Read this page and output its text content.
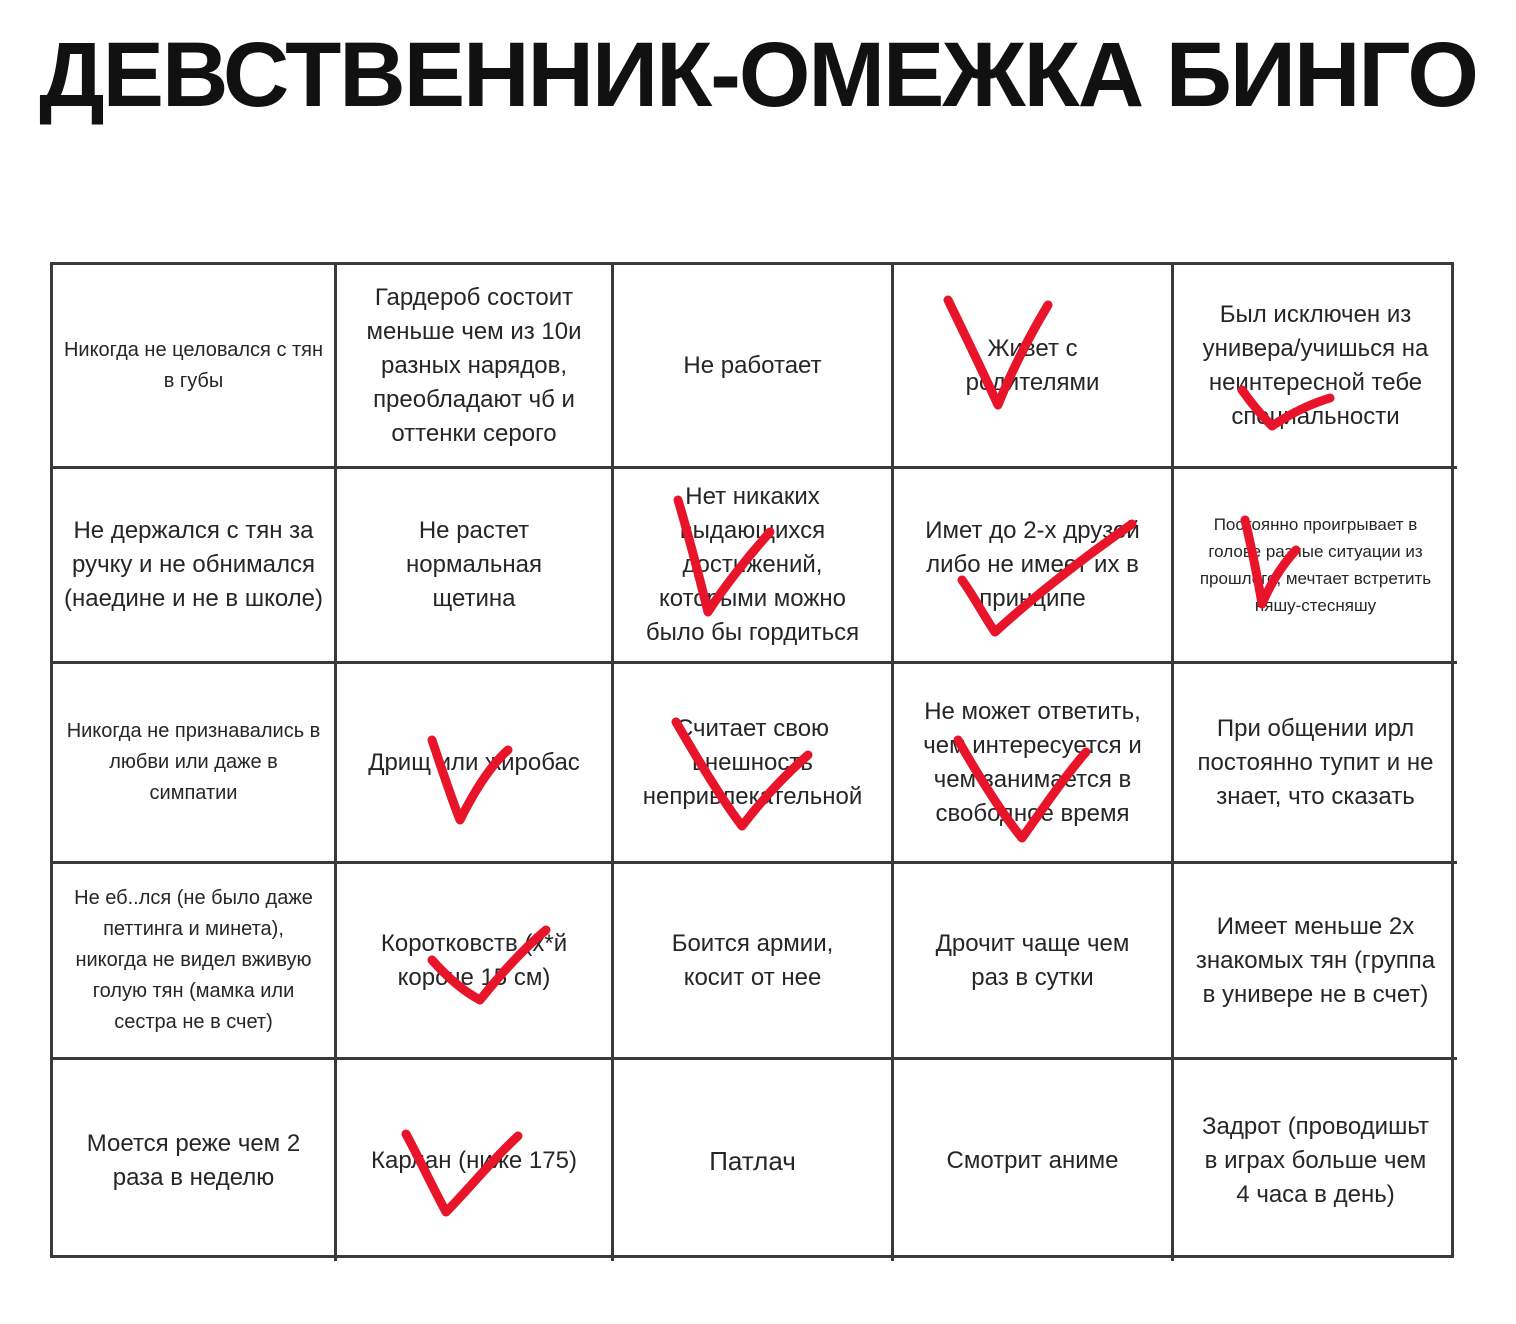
ДЕВСТВЕННИК-ОМЕЖКА БИНГО
Никогда не целовался с тян в губы
Гардероб состоит меньше чем из 10и разных нарядов, преобладают чб и оттенки серого
Не работает
Живет с родителями
Был исключен из универа/учишься на неинтересной тебе специальности
Не держался с тян за ручку и не обнимался (наедине и не в школе)
Не растет нормальная щетина
Нет никаких выдающихся достижений, которыми можно было бы гордиться
Имет до 2-х друзей либо не имеет их в принципе
Постоянно проигрывает в голове разные ситуации из прошлого, мечтает встретить няшу-стесняшу
Никогда не признавались в любви или даже в симпатии
Дрищ или жиробас
Считает свою внешность непривлекательной
Не может ответить, чем интересуется и чем занимается в свободное время
При общении ирл постоянно тупит и не знает, что сказать
Не еб..лся (не было даже петтинга и минета), никогда не видел вживую голую тян (мамка или сестра не в счет)
Коротковств (х*й короче 15 см)
Боится армии, косит от нее
Дрочит чаще чем раз в сутки
Имеет меньше 2х знакомых тян (группа в универе не в счет)
Моется реже чем 2 раза в неделю
Карлан (ниже 175)	Патлач	Смотрит аниме
Задрот (проводишьт в играх больше чем 4 часа в день)
